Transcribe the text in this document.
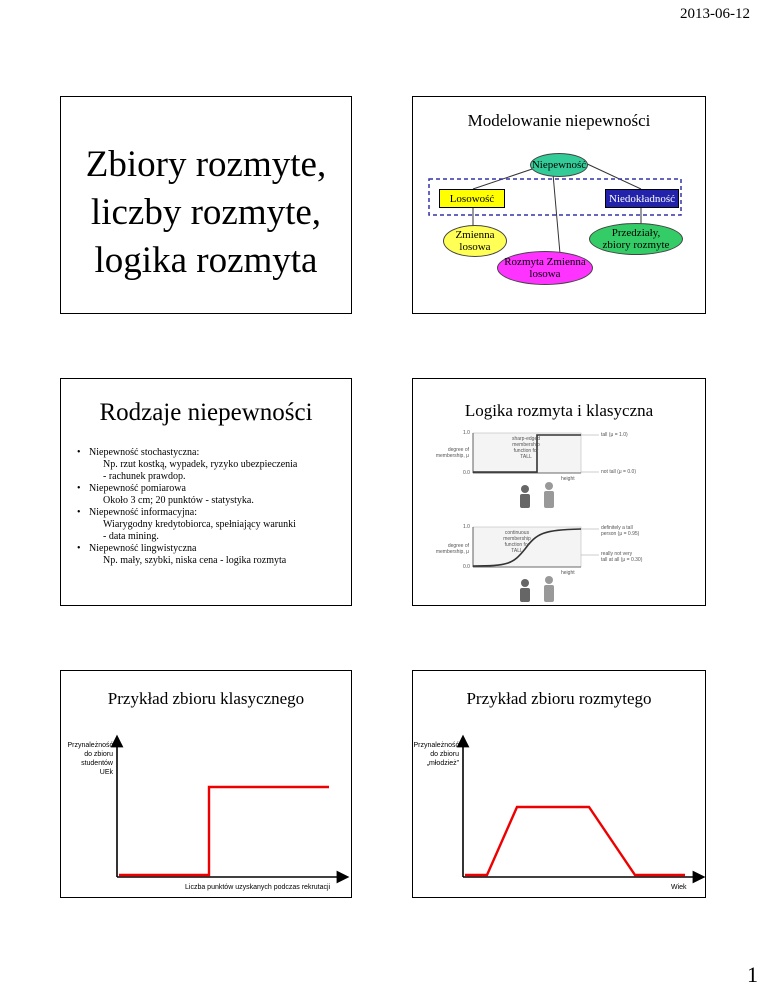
2013-06-12
Zbiory rozmyte,
liczby rozmyte,
logika rozmyta
Modelowanie niepewności
Niepewność
Losowość	Niedokładność
Zmienna
losowa
Rozmyta Zmienna
losowa
Przedziały,
zbiory rozmyte
Rodzaje niepewności
• Niepewność stochastyczna:
Np. rzut kostką, wypadek, ryzyko ubezpieczenia
- rachunek prawdop.
• Niepewność pomiarowa
Około 3 cm; 20 punktów - statystyka.
• Niepewność informacyjna:
Wiarygodny kredytobiorca, spełniający warunki
- data mining.
• Niepewność lingwistyczna
Np. mały, szybki, niska cena - logika rozmyta
Logika rozmyta i klasyczna
1.0
0.0
degree of
membership, μ
sharp-edged
membership
function for
TALL
tall (μ = 1.0)
not tall (μ = 0.0)
height
1.0
0.0
degree of
membership, μ
continuous
membership
function for
TALL
definitely a tall
person (μ = 0.95)
really not very
tall at all (μ = 0.30)
height
Przykład zbioru klasycznego
Przynależność
do zbioru
studentów
UEk
Liczba punktów uzyskanych podczas rekrutacji
Przykład zbioru rozmytego
Przynależność
do zbioru
„młodzież”
Wiek
1
